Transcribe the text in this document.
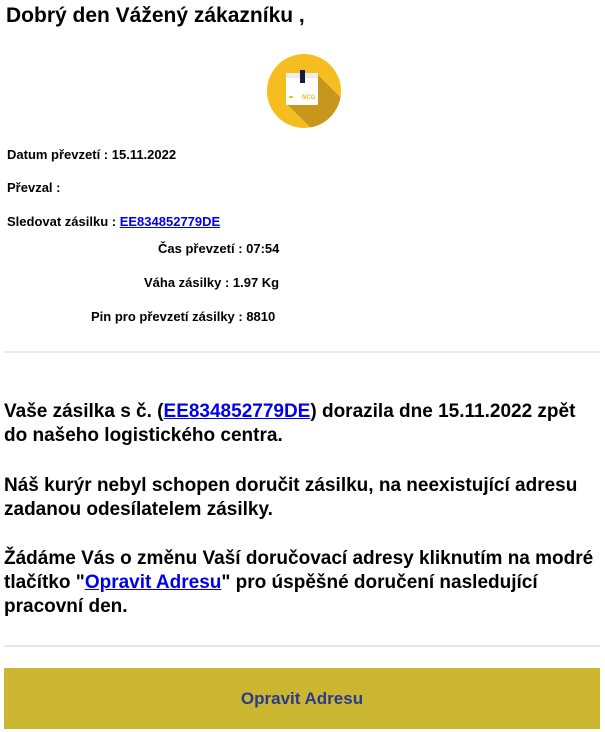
Dobrý den Vážený zákazníku ,
NCG
Datum převzetí : 15.11.2022
Převzal :
Sledovat zásilku : EE834852779DE
Čas převzetí : 07:54
Váha zásilky : 1.97 Kg
Pin pro převzetí zásilky : 8810

Vaše zásilka s č. (EE834852779DE) dorazila dne 15.11.2022 zpět do našeho logistického centra.

Náš kurýr nebyl schopen doručit zásilku, na neexistující adresu zadanou odesílatelem zásilky.

Žádáme Vás o změnu Vaší doručovací adresy kliknutím na modré tlačítko "Opravit Adresu" pro úspěšné doručení nasledující pracovní den.

Opravit Adresu
